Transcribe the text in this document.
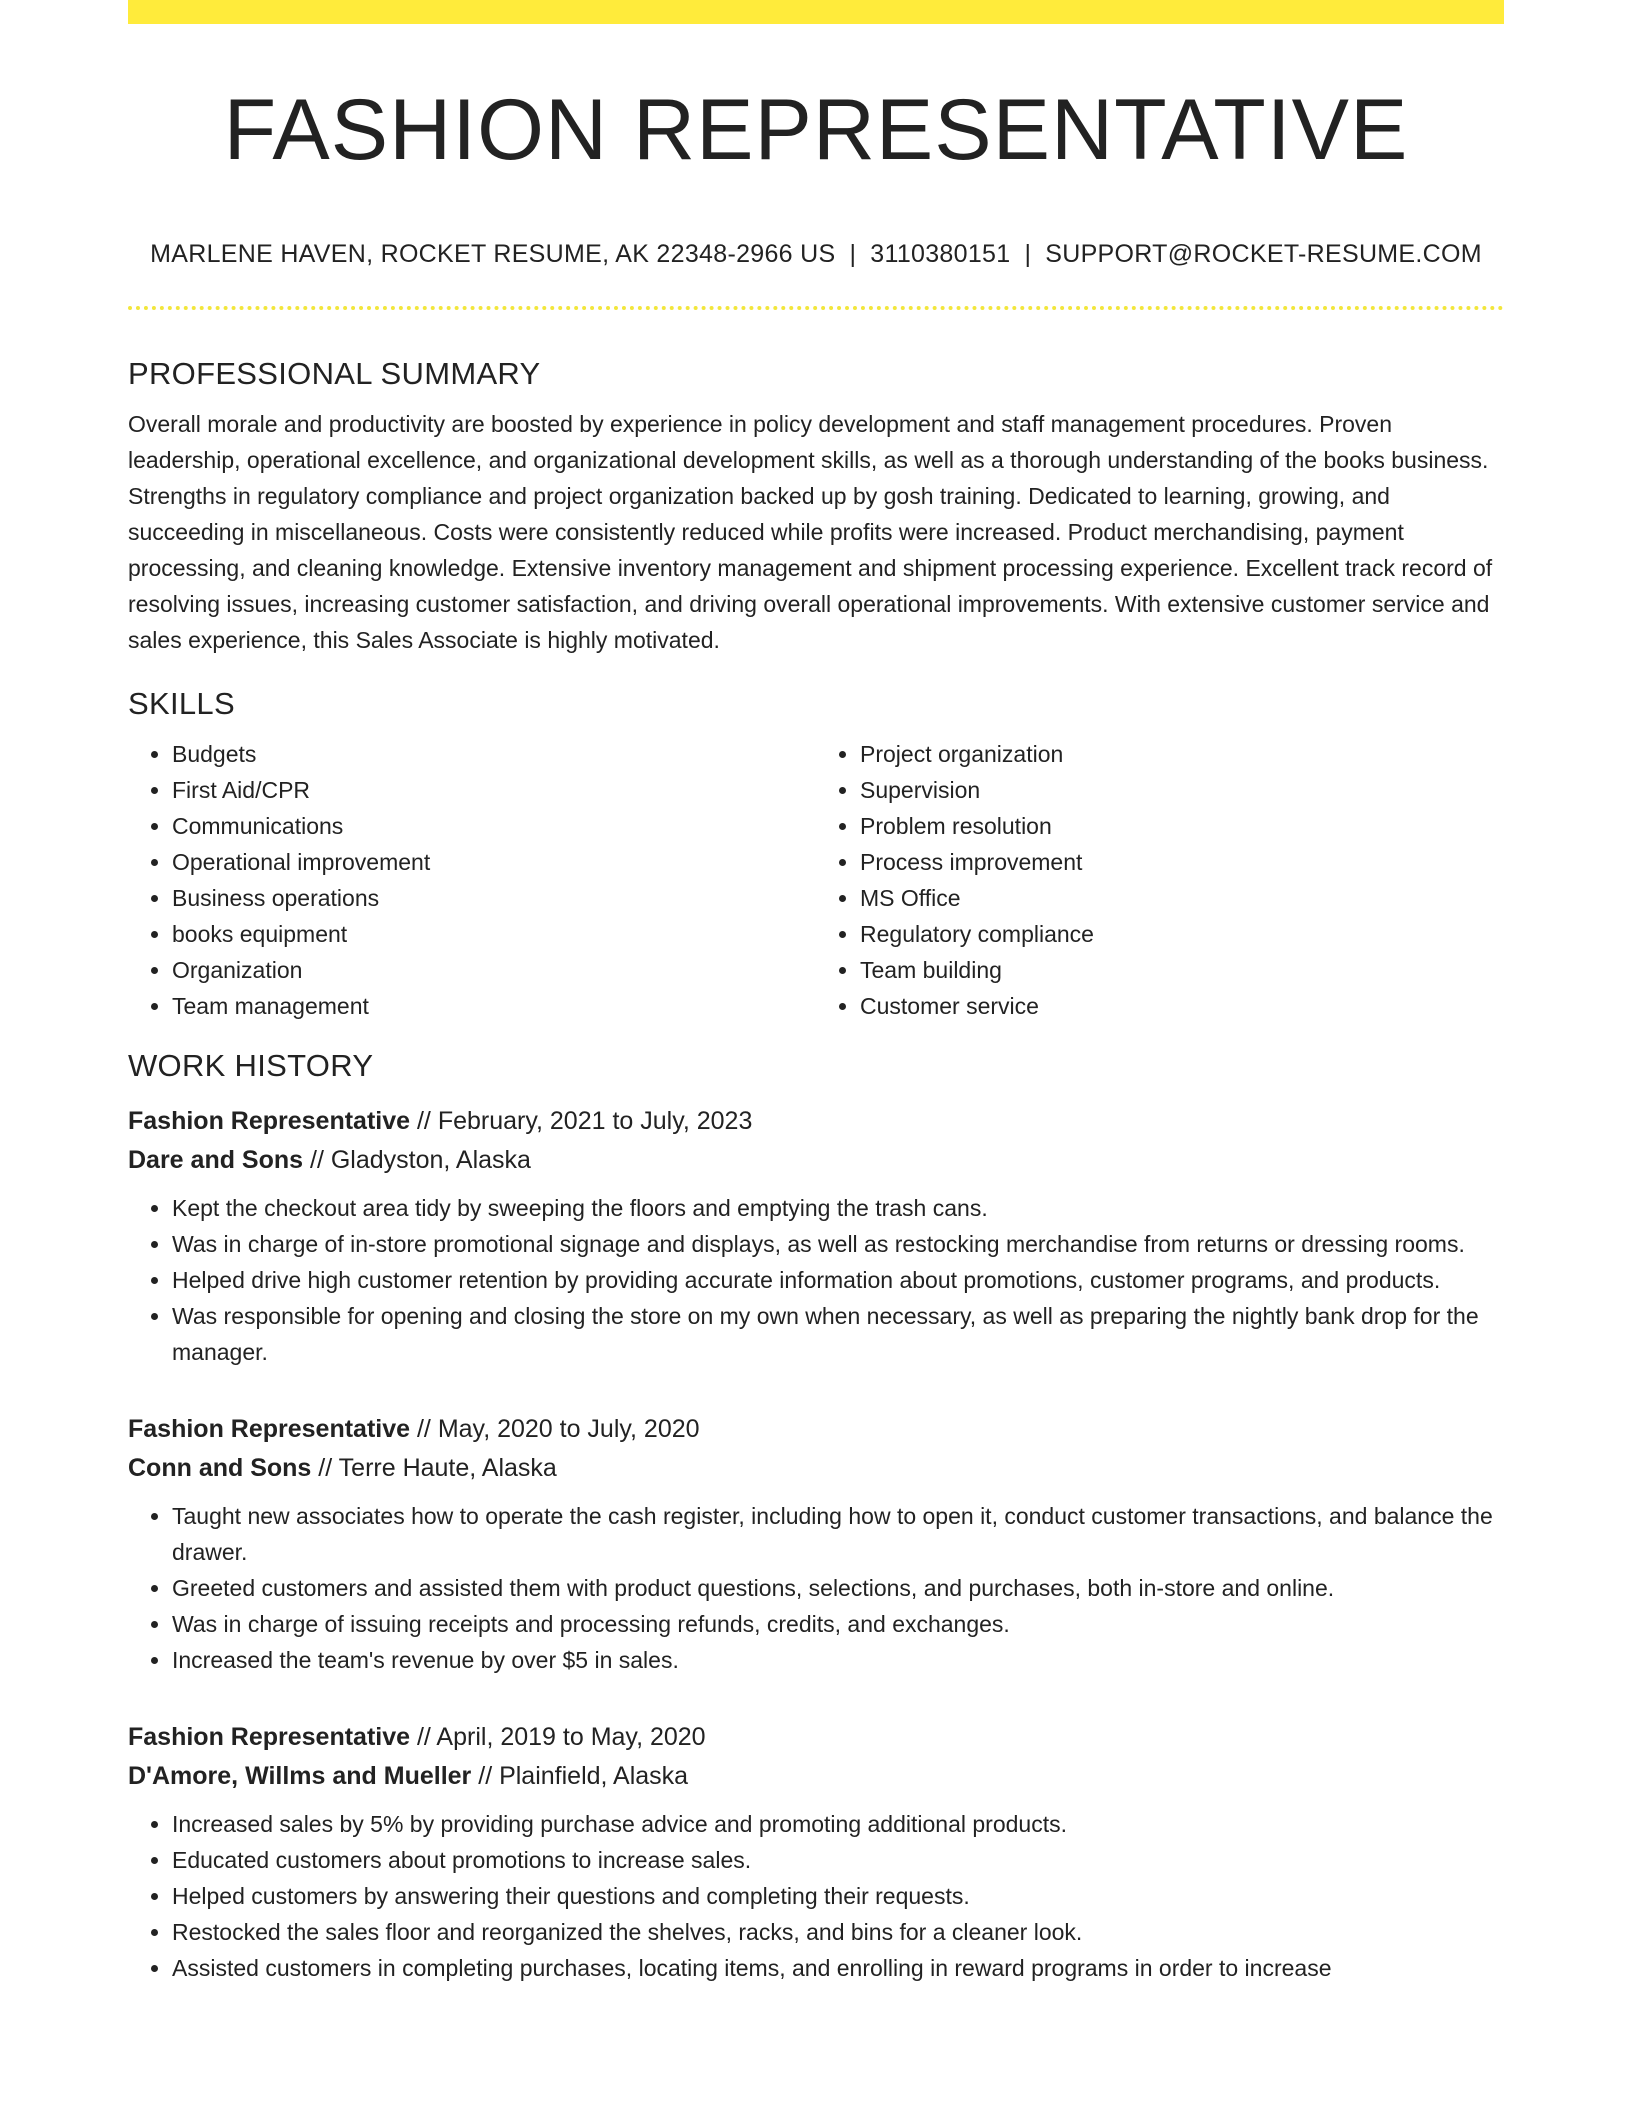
FASHION REPRESENTATIVE
MARLENE HAVEN, ROCKET RESUME, AK 22348-2966 US | 3110380151 | SUPPORT@ROCKET-RESUME.COM
PROFESSIONAL SUMMARY

Overall morale and productivity are boosted by experience in policy development and staff management procedures. Proven leadership, operational excellence, and organizational development skills, as well as a thorough understanding of the books business. Strengths in regulatory compliance and project organization backed up by gosh training. Dedicated to learning, growing, and succeeding in miscellaneous. Costs were consistently reduced while profits were increased. Product merchandising, payment processing, and cleaning knowledge. Extensive inventory management and shipment processing experience. Excellent track record of resolving issues, increasing customer satisfaction, and driving overall operational improvements. With extensive customer service and sales experience, this Sales Associate is highly motivated.

SKILLS
• Budgets
• First Aid/CPR
• Communications
• Operational improvement
• Business operations
• books equipment
• Organization
• Team management
• Project organization
• Supervision
• Problem resolution
• Process improvement
• MS Office
• Regulatory compliance
• Team building
• Customer service
WORK HISTORY
Fashion Representative // February, 2021 to July, 2023
Dare and Sons // Gladyston, Alaska
• Kept the checkout area tidy by sweeping the floors and emptying the trash cans.
• Was in charge of in-store promotional signage and displays, as well as restocking merchandise from returns or dressing rooms.
• Helped drive high customer retention by providing accurate information about promotions, customer programs, and products.
• Was responsible for opening and closing the store on my own when necessary, as well as preparing the nightly bank drop for the manager.
Fashion Representative // May, 2020 to July, 2020
Conn and Sons // Terre Haute, Alaska
• Taught new associates how to operate the cash register, including how to open it, conduct customer transactions, and balance the drawer.
• Greeted customers and assisted them with product questions, selections, and purchases, both in-store and online.
• Was in charge of issuing receipts and processing refunds, credits, and exchanges.
• Increased the team's revenue by over $5 in sales.
Fashion Representative // April, 2019 to May, 2020
D'Amore, Willms and Mueller // Plainfield, Alaska
• Increased sales by 5% by providing purchase advice and promoting additional products.
• Educated customers about promotions to increase sales.
• Helped customers by answering their questions and completing their requests.
• Restocked the sales floor and reorganized the shelves, racks, and bins for a cleaner look.
• Assisted customers in completing purchases, locating items, and enrolling in reward programs in order to increase
